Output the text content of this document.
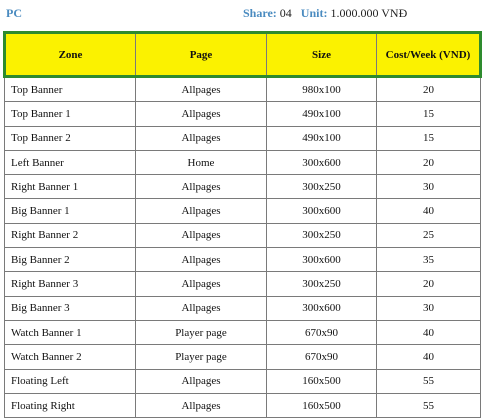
PC	Share: 04 Unit: 1.000.000 VNĐ
Zone	Page	Size	Cost/Week (VND)
Top Banner	Allpages	980x100	20
Top Banner 1	Allpages	490x100	15
Top Banner 2	Allpages	490x100	15
Left Banner	Home	300x600	20
Right Banner 1	Allpages	300x250	30
Big Banner 1	Allpages	300x600	40
Right Banner 2	Allpages	300x250	25
Big Banner 2	Allpages	300x600	35
Right Banner 3	Allpages	300x250	20
Big Banner 3	Allpages	300x600	30
Watch Banner 1	Player page	670x90	40
Watch Banner 2	Player page	670x90	40
Floating Left	Allpages	160x500	55
Floating Right	Allpages	160x500	55
